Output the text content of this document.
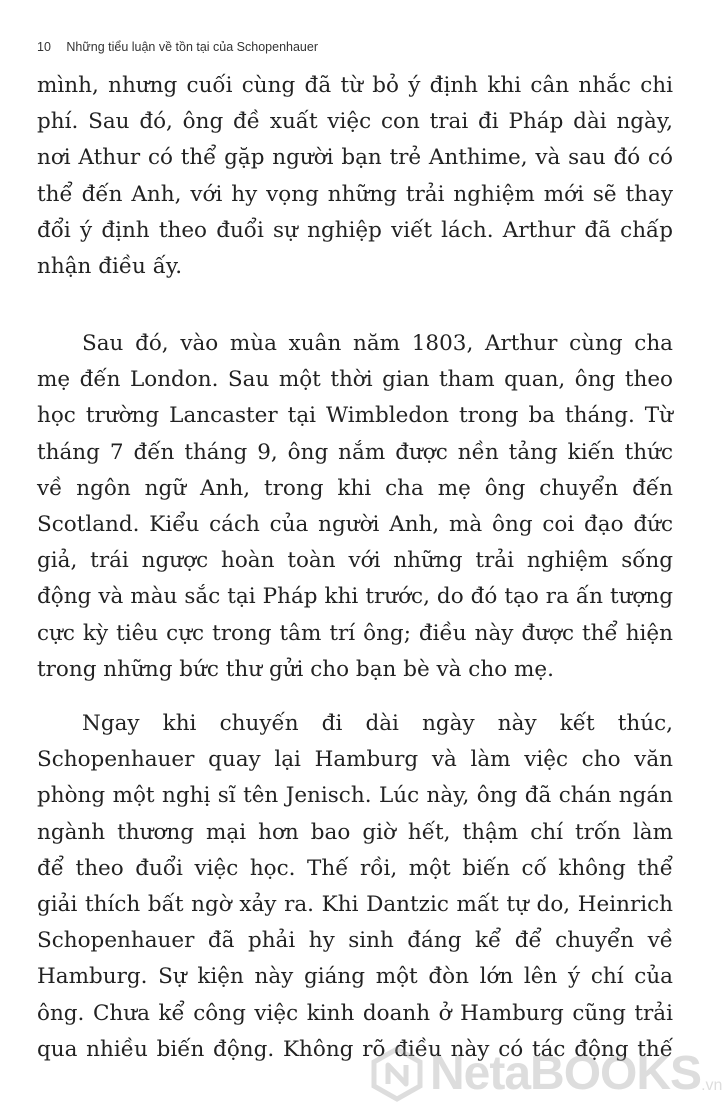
10 Những tiểu luận về tồn tại của Schopenhauer
mình, nhưng cuối cùng đã từ bỏ ý định khi cân nhắc chi
phí. Sau đó, ông đề xuất việc con trai đi Pháp dài ngày,
nơi Athur có thể gặp người bạn trẻ Anthime, và sau đó có
thể đến Anh, với hy vọng những trải nghiệm mới sẽ thay
đổi ý định theo đuổi sự nghiệp viết lách. Arthur đã chấp
nhận điều ấy.
Sau đó, vào mùa xuân năm 1803, Arthur cùng cha
mẹ đến London. Sau một thời gian tham quan, ông theo
học trường Lancaster tại Wimbledon trong ba tháng. Từ
tháng 7 đến tháng 9, ông nắm được nền tảng kiến thức
về ngôn ngữ Anh, trong khi cha mẹ ông chuyển đến
Scotland. Kiểu cách của người Anh, mà ông coi đạo đức
giả, trái ngược hoàn toàn với những trải nghiệm sống
động và màu sắc tại Pháp khi trước, do đó tạo ra ấn tượng
cực kỳ tiêu cực trong tâm trí ông; điều này được thể hiện
trong những bức thư gửi cho bạn bè và cho mẹ.
Ngay khi chuyến đi dài ngày này kết thúc,
Schopenhauer quay lại Hamburg và làm việc cho văn
phòng một nghị sĩ tên Jenisch. Lúc này, ông đã chán ngán
ngành thương mại hơn bao giờ hết, thậm chí trốn làm
để theo đuổi việc học. Thế rồi, một biến cố không thể
giải thích bất ngờ xảy ra. Khi Dantzic mất tự do, Heinrich
Schopenhauer đã phải hy sinh đáng kể để chuyển về
Hamburg. Sự kiện này giáng một đòn lớn lên ý chí của
ông. Chưa kể công việc kinh doanh ở Hamburg cũng trải
qua nhiều biến động. Không rõ điều này có tác động thế
NetaBOOKS .vn
